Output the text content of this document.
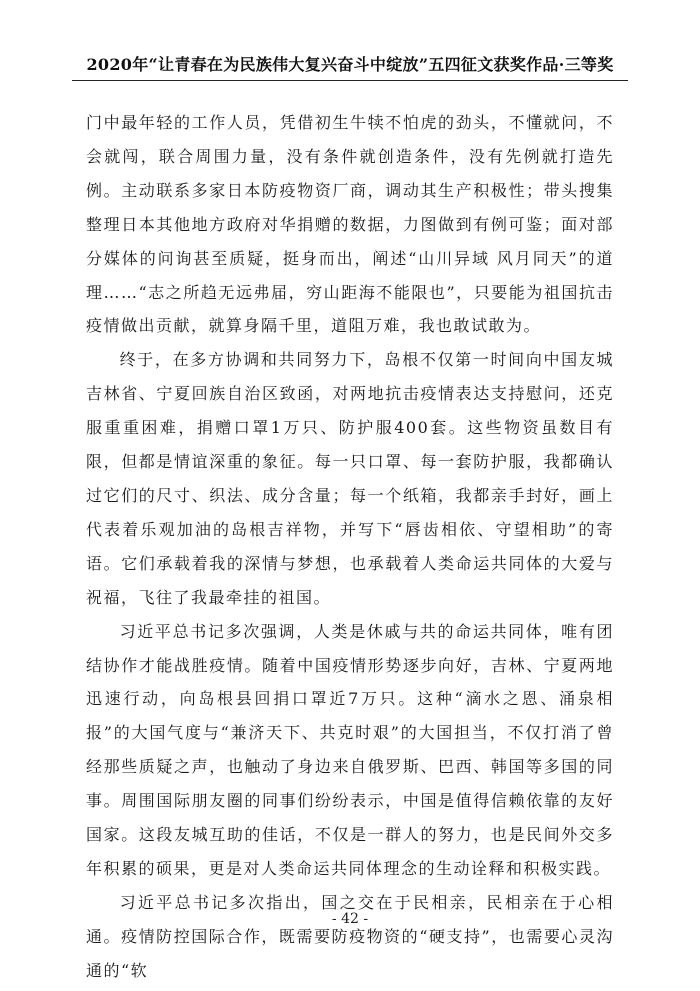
2020年“让青春在为民族伟大复兴奋斗中绽放”五四征文获奖作品·三等奖

门中最年轻的工作人员，凭借初生牛犊不怕虎的劲头，不懂就问，不会就闯，联合周围力量，没有条件就创造条件，没有先例就打造先例。主动联系多家日本防疫物资厂商，调动其生产积极性；带头搜集整理日本其他地方政府对华捐赠的数据，力图做到有例可鉴；面对部分媒体的问询甚至质疑，挺身而出，阐述“山川异域 风月同天”的道理……“志之所趋无远弗届，穷山距海不能限也”，只要能为祖国抗击疫情做出贡献，就算身隔千里，道阻万难，我也敢试敢为。

终于，在多方协调和共同努力下，岛根不仅第一时间向中国友城吉林省、宁夏回族自治区致函，对两地抗击疫情表达支持慰问，还克服重重困难，捐赠口罩1万只、防护服400套。这些物资虽数目有限，但都是情谊深重的象征。每一只口罩、每一套防护服，我都确认过它们的尺寸、织法、成分含量；每一个纸箱，我都亲手封好，画上代表着乐观加油的岛根吉祥物，并写下“唇齿相依、守望相助”的寄语。它们承载着我的深情与梦想，也承载着人类命运共同体的大爱与祝福，飞往了我最牵挂的祖国。

习近平总书记多次强调，人类是休戚与共的命运共同体，唯有团结协作才能战胜疫情。随着中国疫情形势逐步向好，吉林、宁夏两地迅速行动，向岛根县回捐口罩近7万只。这种“滴水之恩、涌泉相报”的大国气度与“兼济天下、共克时艰”的大国担当，不仅打消了曾经那些质疑之声，也触动了身边来自俄罗斯、巴西、韩国等多国的同事。周围国际朋友圈的同事们纷纷表示，中国是值得信赖依靠的友好国家。这段友城互助的佳话，不仅是一群人的努力，也是民间外交多年积累的硕果，更是对人类命运共同体理念的生动诠释和积极实践。

习近平总书记多次指出，国之交在于民相亲，民相亲在于心相通。疫情防控国际合作，既需要防疫物资的“硬支持”，也需要心灵沟通的“软

- 42 -
